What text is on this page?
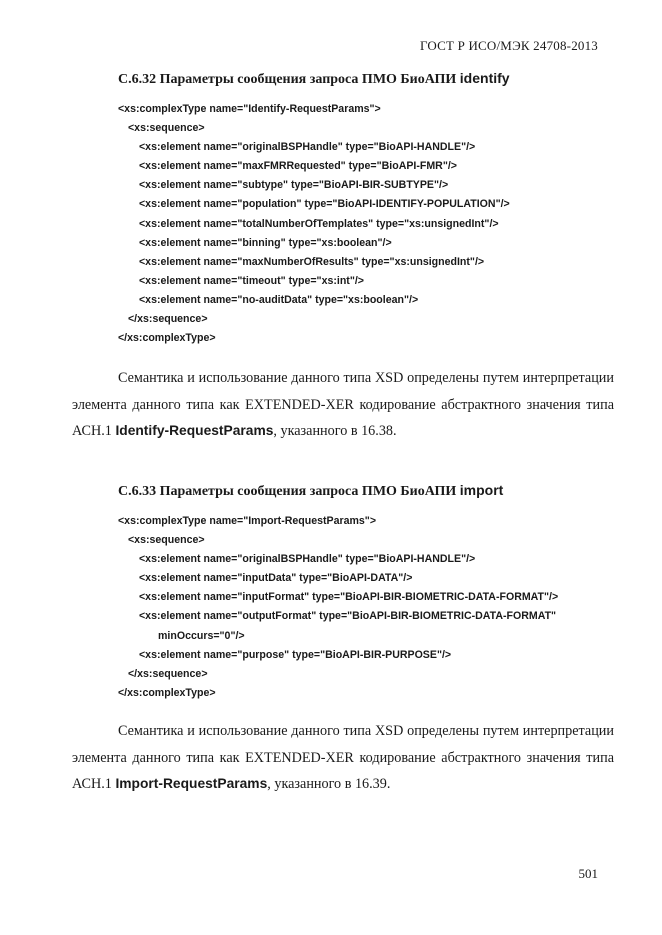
ГОСТ Р ИСО/МЭК 24708-2013
С.6.32 Параметры сообщения запроса ПМО БиоАПИ identify
<xs:complexType name="Identify-RequestParams">
<xs:sequence>
<xs:element name="originalBSPHandle" type="BioAPI-HANDLE"/>
<xs:element name="maxFMRRequested" type="BioAPI-FMR"/>
<xs:element name="subtype" type="BioAPI-BIR-SUBTYPE"/>
<xs:element name="population" type="BioAPI-IDENTIFY-POPULATION"/>
<xs:element name="totalNumberOfTemplates" type="xs:unsignedInt"/>
<xs:element name="binning" type="xs:boolean"/>
<xs:element name="maxNumberOfResults" type="xs:unsignedInt"/>
<xs:element name="timeout" type="xs:int"/>
<xs:element name="no-auditData" type="xs:boolean"/>
</xs:sequence>
</xs:complexType>

Семантика и использование данного типа XSD определены путем интерпретации элемента данного типа как EXTENDED-XER кодирование абстрактного значения типа АСН.1 Identify-RequestParams, указанного в 16.38.

С.6.33 Параметры сообщения запроса ПМО БиоАПИ import
<xs:complexType name="Import-RequestParams">
<xs:sequence>
<xs:element name="originalBSPHandle" type="BioAPI-HANDLE"/>
<xs:element name="inputData" type="BioAPI-DATA"/>
<xs:element name="inputFormat" type="BioAPI-BIR-BIOMETRIC-DATA-FORMAT"/>
<xs:element name="outputFormat" type="BioAPI-BIR-BIOMETRIC-DATA-FORMAT"
minOccurs="0"/>
<xs:element name="purpose" type="BioAPI-BIR-PURPOSE"/>
</xs:sequence>
</xs:complexType>

Семантика и использование данного типа XSD определены путем интерпретации элемента данного типа как EXTENDED-XER кодирование абстрактного значения типа АСН.1 Import-RequestParams, указанного в 16.39.

501
